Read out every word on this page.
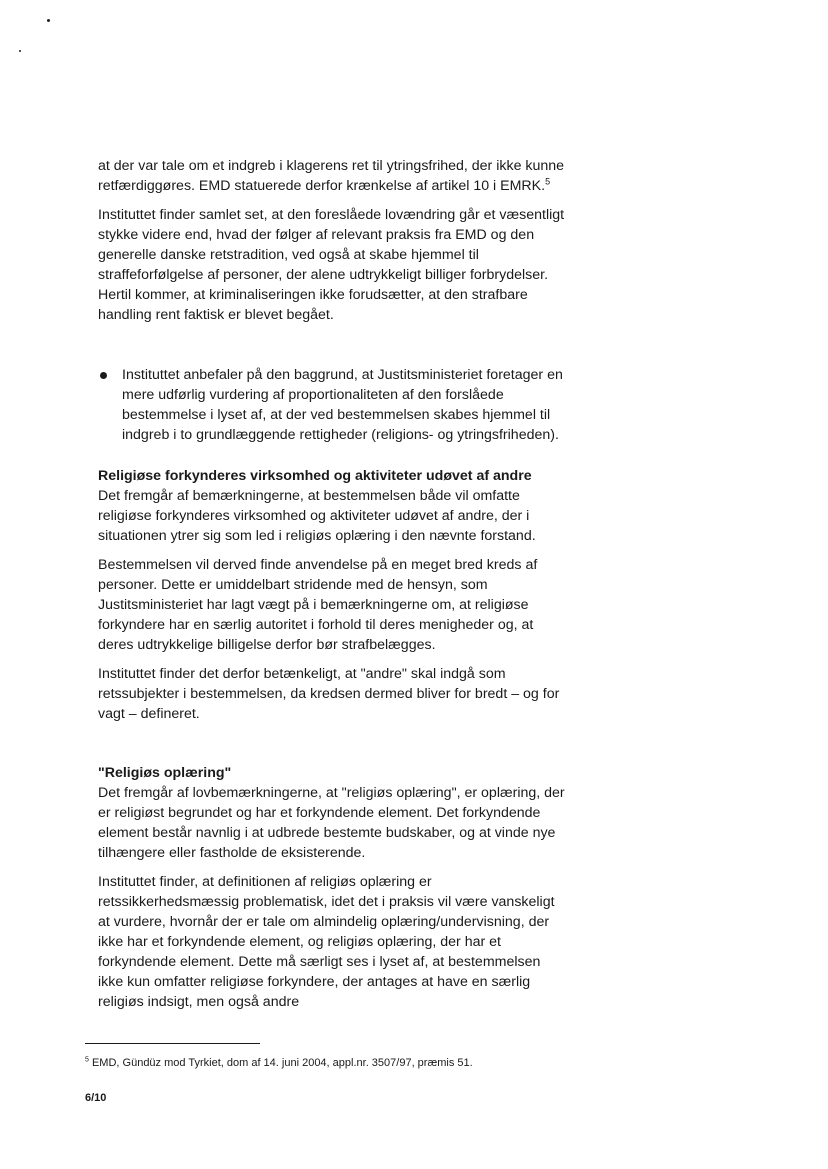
at der var tale om et indgreb i klagerens ret til ytringsfrihed, der ikke kunne retfærdiggøres. EMD statuerede derfor krænkelse af artikel 10 i EMRK.$^5$

Instituttet finder samlet set, at den foreslåede lovændring går et væsentligt stykke videre end, hvad der følger af relevant praksis fra EMD og den generelle danske retstradition, ved også at skabe hjemmel til straffeforfølgelse af personer, der alene udtrykkeligt billiger forbrydelser. Hertil kommer, at kriminaliseringen ikke forudsætter, at den strafbare handling rent faktisk er blevet begået.

Instituttet anbefaler på den baggrund, at Justitsministeriet foretager en mere udførlig vurdering af proportionaliteten af den forslåede bestemmelse i lyset af, at der ved bestemmelsen skabes hjemmel til indgreb i to grundlæggende rettigheder (religions- og ytringsfriheden).

Religiøse forkynderes virksomhed og aktiviteter udøvet af andre

Det fremgår af bemærkningerne, at bestemmelsen både vil omfatte religiøse forkynderes virksomhed og aktiviteter udøvet af andre, der i situationen ytrer sig som led i religiøs oplæring i den nævnte forstand.

Bestemmelsen vil derved finde anvendelse på en meget bred kreds af personer. Dette er umiddelbart stridende med de hensyn, som Justitsministeriet har lagt vægt på i bemærkningerne om, at religiøse forkyndere har en særlig autoritet i forhold til deres menigheder og, at deres udtrykkelige billigelse derfor bør strafbelægges.

Instituttet finder det derfor betænkeligt, at "andre" skal indgå som retssubjekter i bestemmelsen, da kredsen dermed bliver for bredt – og for vagt – defineret.

"Religiøs oplæring"

Det fremgår af lovbemærkningerne, at "religiøs oplæring", er oplæring, der er religiøst begrundet og har et forkyndende element. Det forkyndende element består navnlig i at udbrede bestemte budskaber, og at vinde nye tilhængere eller fastholde de eksisterende.

Instituttet finder, at definitionen af religiøs oplæring er retssikkerhedsmæssig problematisk, idet det i praksis vil være vanskeligt at vurdere, hvornår der er tale om almindelig oplæring/undervisning, der ikke har et forkyndende element, og religiøs oplæring, der har et forkyndende element. Dette må særligt ses i lyset af, at bestemmelsen ikke kun omfatter religiøse forkyndere, der antages at have en særlig religiøs indsigt, men også andre

$^5$ EMD, Gündüz mod Tyrkiet, dom af 14. juni 2004, appl.nr. 3507/97, præmis 51.

6/10
